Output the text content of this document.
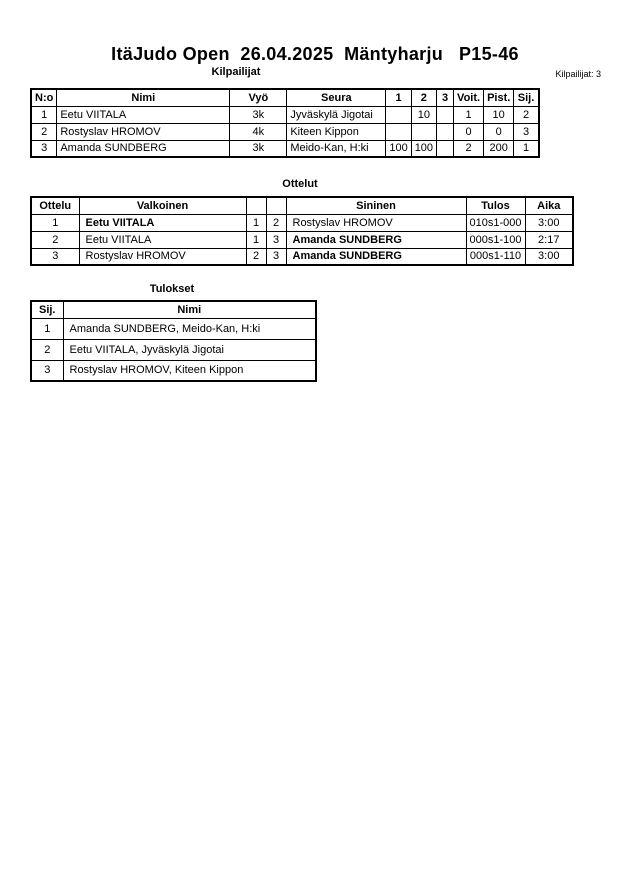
ItäJudo Open  26.04.2025  Mäntyharju   P15-46
Kilpailijat	Kilpailijat: 3
N:o	Nimi	Vyö	Seura	1	2	3	Voit.	Pist.	Sij.
1	Eetu VIITALA	3k	Jyväskylä Jigotai		10		1	10	2
2	Rostyslav HROMOV	4k	Kiteen Kippon				0	0	3
3	Amanda SUNDBERG	3k	Meido-Kan, H:ki	100	100		2	200	1
Ottelut
Ottelu	Valkoinen			Sininen	Tulos	Aika
1	Eetu VIITALA	1	2	Rostyslav HROMOV	010s1-000	3:00
2	Eetu VIITALA	1	3	Amanda SUNDBERG	000s1-100	2:17
3	Rostyslav HROMOV	2	3	Amanda SUNDBERG	000s1-110	3:00
Tulokset
Sij.	Nimi
1	Amanda SUNDBERG, Meido-Kan, H:ki
2	Eetu VIITALA, Jyväskylä Jigotai
3	Rostyslav HROMOV, Kiteen Kippon
